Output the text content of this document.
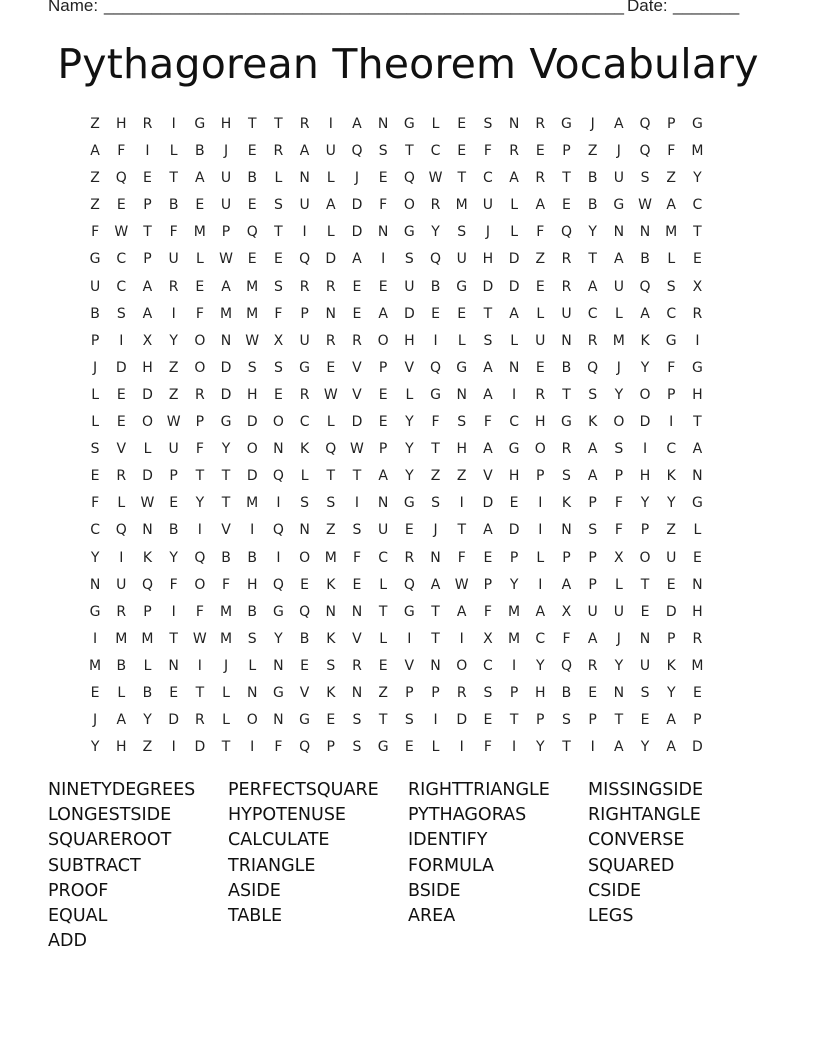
Name: _______________________________________________________ Date: _______
Pythagorean Theorem Vocabulary
Z	H	R	I	G	H	T	T	R	I	A	N	G	L	E	S	N	R	G	J	A	Q	P	G
A	F	I	L	B	J	E	R	A	U	Q	S	T	C	E	F	R	E	P	Z	J	Q	F	M
Z	Q	E	T	A	U	B	L	N	L	J	E	Q W	T	C	A	R	T	B	U	S	Z	Y
Z	E	P	B	E	U	E	S	U	A	D	F	O	R	M	U	L	A	E	B	G W	A	C
F	W	T	F	M	P	Q	T	I	L	D	N	G	Y	S	J	L	F	Q	Y	N	N	M	T
G	C	P	U	L	W	E	E	Q	D	A	I	S	Q	U	H	D	Z	R	T	A	B	L	E
U	C	A	R	E	A	M	S	R	R	E	E	U	B	G	D	D	E	R	A	U	Q	S	X
B	S	A	I	F	M	M	F	P	N	E	A	D	E	E	T	A	L	U	C	L	A	C	R
P	I	X	Y	O	N	W	X	U	R	R	O	H	I	L	S	L	U	N	R	M	K	G	I
J	D	H	Z	O	D	S	S	G	E	V	P	V	Q	G	A	N	E	B	Q	J	Y	F	G
L	E	D	Z	R	D	H	E	R	W	V	E	L	G	N	A	I	R	T	S	Y	O	P	H
L	E	O W	P	G	D	O	C	L	D	E	Y	F	S	F	C	H	G	K	O	D	I	T
S	V	L	U	F	Y	O	N	K	Q W	P	Y	T	H	A	G	O	R	A	S	I	C	A
E	R	D	P	T	T	D	Q	L	T	T	A	Y	Z	Z	V	H	P	S	A	P	H	K	N
F	L	W	E	Y	T	M	I	S	S	I	N	G	S	I	D	E	I	K	P	F	Y	Y	G
C	Q	N	B	I	V	I	Q	N	Z	S	U	E	J	T	A	D	I	N	S	F	P	Z	L
Y	I	K	Y	Q	B	B	I	O	M	F	C	R	N	F	E	P	L	P	P	X	O	U	E
N	U	Q	F	O	F	H	Q	E	K	E	L	Q	A	W	P	Y	I	A	P	L	T	E	N
G	R	P	I	F	M	B	G	Q	N	N	T	G	T	A	F	M	A	X	U	U	E	D	H
I	M	M	T	W M	S	Y	B	K	V	L	I	T	I	X	M	C	F	A	J	N	P	R
M	B	L	N	I	J	L	N	E	S	R	E	V	N	O	C	I	Y	Q	R	Y	U	K	M
E	L	B	E	T	L	N	G	V	K	N	Z	P	P	R	S	P	H	B	E	N	S	Y	E
J	A	Y	D	R	L	O	N	G	E	S	T	S	I	D	E	T	P	S	P	T	E	A	P
Y	H	Z	I	D	T	I	F	Q	P	S	G	E	L	I	F	I	Y	T	I	A	Y	A	D
NINETYDEGREES	PERFECTSQUARE	RIGHTTRIANGLE	MISSINGSIDE
LONGESTSIDE	HYPOTENUSE	PYTHAGORAS	RIGHTANGLE
SQUAREROOT	CALCULATE	IDENTIFY	CONVERSE
SUBTRACT	TRIANGLE	FORMULA	SQUARED
PROOF	ASIDE	BSIDE	CSIDE
EQUAL	TABLE	AREA	LEGS
ADD
